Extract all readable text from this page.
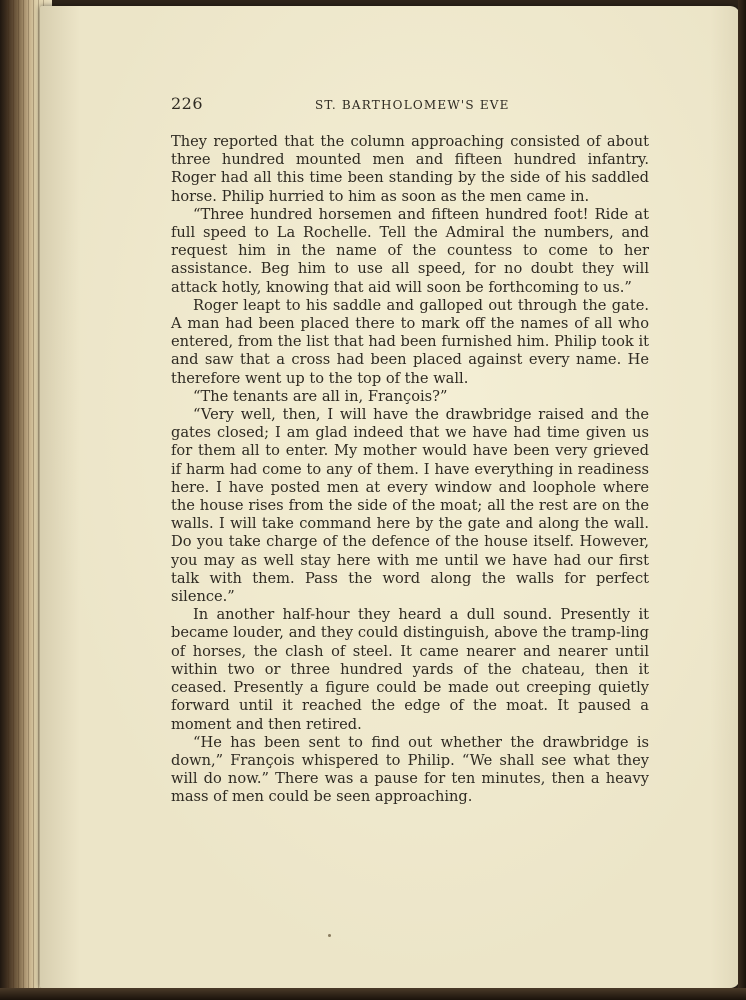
226	ST. BARTHOLOMEW'S EVE

They reported that the column approaching consisted of about three hundred mounted men and fifteen hundred infantry. Roger had all this time been standing by the side of his saddled horse. Philip hurried to him as soon as the men came in.

“Three hundred horsemen and fifteen hundred foot! Ride at full speed to La Rochelle. Tell the Admiral the numbers, and request him in the name of the countess to come to her assistance. Beg him to use all speed, for no doubt they will attack hotly, knowing that aid will soon be forthcoming to us.”

Roger leapt to his saddle and galloped out through the gate. A man had been placed there to mark off the names of all who entered, from the list that had been furnished him. Philip took it and saw that a cross had been placed against every name. He therefore went up to the top of the wall.

“The tenants are all in, François?”

“Very well, then, I will have the drawbridge raised and the gates closed; I am glad indeed that we have had time given us for them all to enter. My mother would have been very grieved if harm had come to any of them. I have everything in readiness here. I have posted men at every window and loophole where the house rises from the side of the moat; all the rest are on the walls. I will take command here by the gate and along the wall. Do you take charge of the defence of the house itself. However, you may as well stay here with me until we have had our first talk with them. Pass the word along the walls for perfect silence.”

In another half-hour they heard a dull sound. Presently it became louder, and they could distinguish, above the tramp-ling of horses, the clash of steel. It came nearer and nearer until within two or three hundred yards of the chateau, then it ceased. Presently a figure could be made out creeping quietly forward until it reached the edge of the moat. It paused a moment and then retired.

“He has been sent to find out whether the drawbridge is down,” François whispered to Philip. “We shall see what they will do now.” There was a pause for ten minutes, then a heavy mass of men could be seen approaching.
